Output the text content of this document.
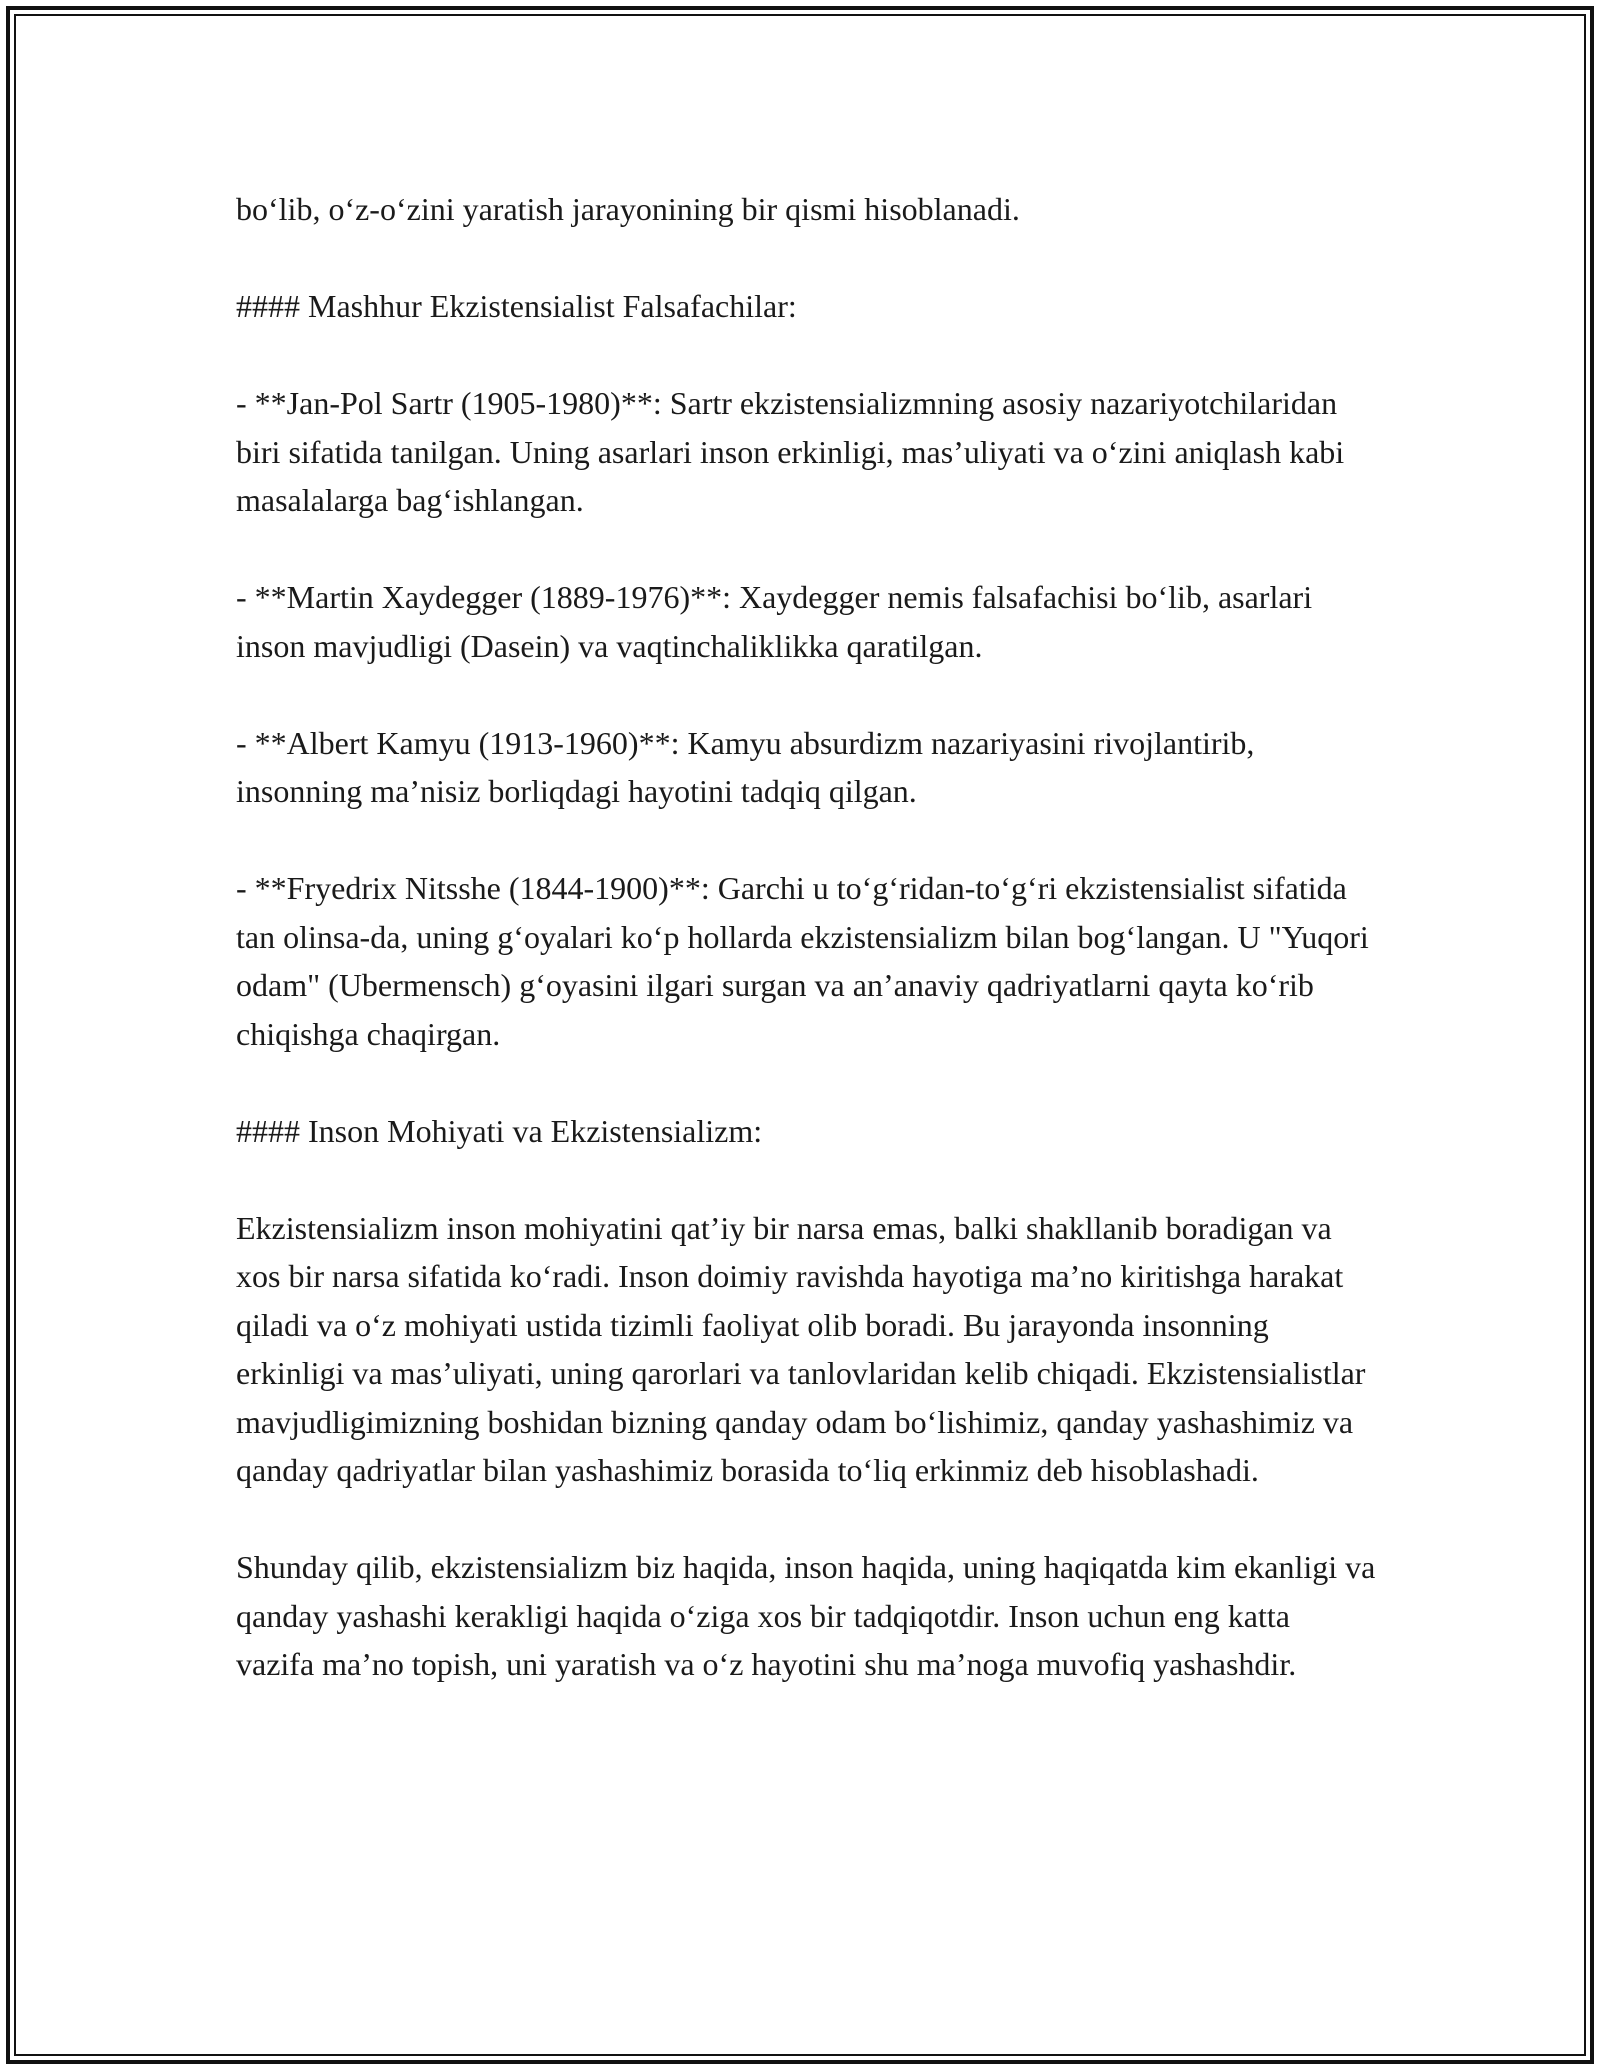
bo‘lib, o‘z-o‘zini yaratish jarayonining bir qismi hisoblanadi.

#### Mashhur Ekzistensialist Falsafachilar:

- **Jan-Pol Sartr (1905-1980)**: Sartr ekzistensializmning asosiy nazariyotchilaridan biri sifatida tanilgan. Uning asarlari inson erkinligi, mas’uliyati va o‘zini aniqlash kabi masalalarga bag‘ishlangan.

- **Martin Xaydegger (1889-1976)**: Xaydegger nemis falsafachisi bo‘lib, asarlari inson mavjudligi (Dasein) va vaqtinchaliklikka qaratilgan.

- **Albert Kamyu (1913-1960)**: Kamyu absurdizm nazariyasini rivojlantirib, insonning ma’nisiz borliqdagi hayotini tadqiq qilgan.

- **Fryedrix Nitsshe (1844-1900)**: Garchi u to‘g‘ridan-to‘g‘ri ekzistensialist sifatida tan olinsa-da, uning g‘oyalari ko‘p hollarda ekzistensializm bilan bog‘langan. U "Yuqori odam" (Ubermensch) g‘oyasini ilgari surgan va an’anaviy qadriyatlarni qayta ko‘rib chiqishga chaqirgan.

#### Inson Mohiyati va Ekzistensializm:

Ekzistensializm inson mohiyatini qat’iy bir narsa emas, balki shakllanib boradigan va xos bir narsa sifatida ko‘radi. Inson doimiy ravishda hayotiga ma’no kiritishga harakat qiladi va o‘z mohiyati ustida tizimli faoliyat olib boradi. Bu jarayonda insonning erkinligi va mas’uliyati, uning qarorlari va tanlovlaridan kelib chiqadi. Ekzistensialistlar mavjudligimizning boshidan bizning qanday odam bo‘lishimiz, qanday yashashimiz va qanday qadriyatlar bilan yashashimiz borasida to‘liq erkinmiz deb hisoblashadi.

Shunday qilib, ekzistensializm biz haqida, inson haqida, uning haqiqatda kim ekanligi va qanday yashashi kerakligi haqida o‘ziga xos bir tadqiqotdir. Inson uchun eng katta vazifa ma’no topish, uni yaratish va o‘z hayotini shu ma’noga muvofiq yashashdir.
